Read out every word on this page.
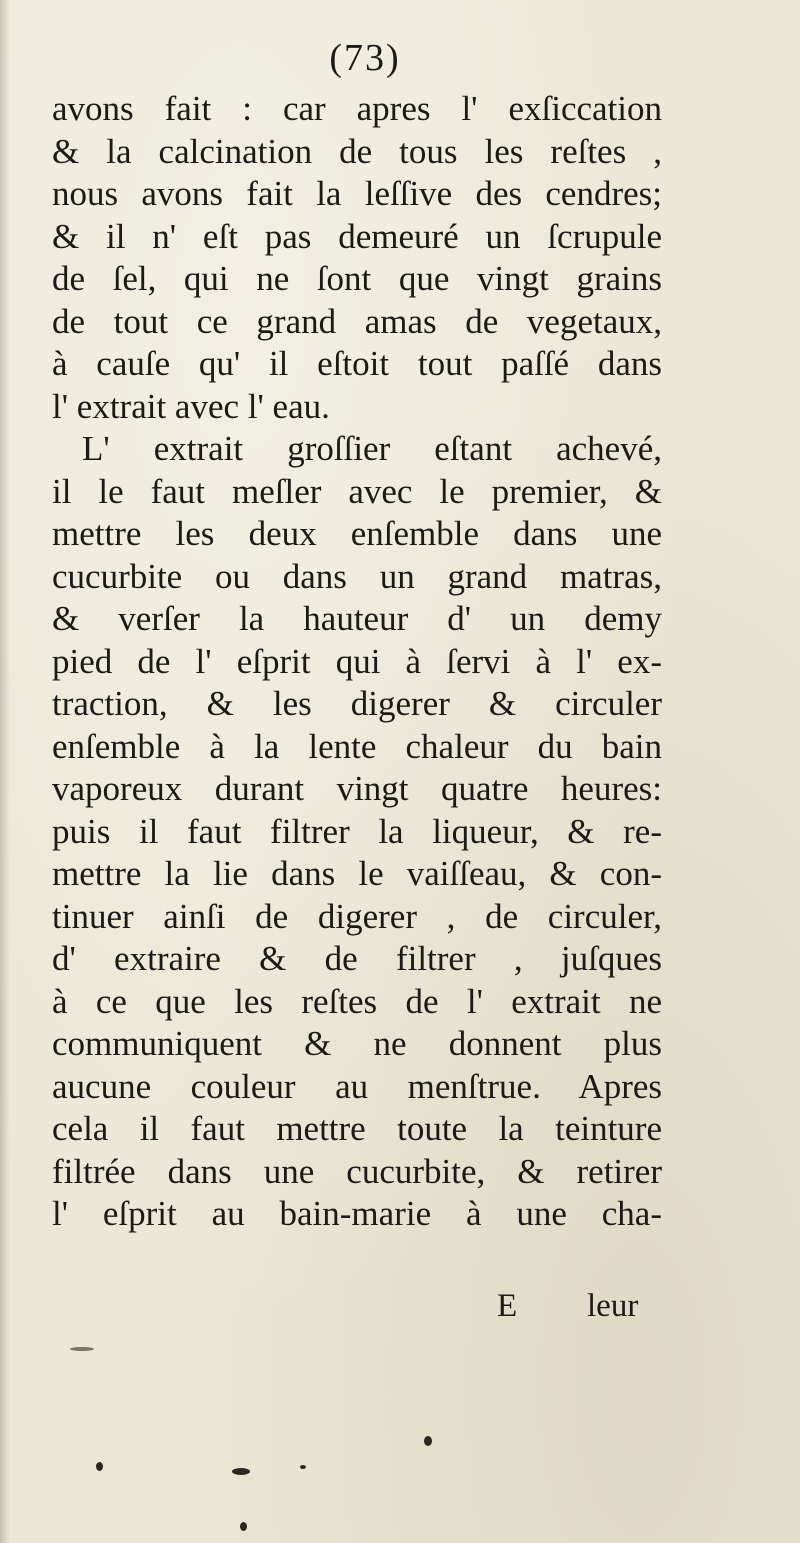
(73)
avons fait : car apres l' exſiccation
& la calcination de tous les reſtes ,
nous avons fait la leſſive des cendres;
& il n' eſt pas demeuré un ſcrupule
de ſel, qui ne ſont que vingt grains
de tout ce grand amas de vegetaux,
à cauſe qu' il eſtoit tout paſſé dans
l' extrait avec l' eau.
L' extrait groſſier eſtant achevé,
il le faut meſler avec le premier, &
mettre les deux enſemble dans une
cucurbite ou dans un grand matras,
& verſer la hauteur d' un demy
pied de l' eſprit qui à ſervi à l' ex-
traction, & les digerer & circuler
enſemble à la lente chaleur du bain
vaporeux durant vingt quatre heures:
puis il faut filtrer la liqueur, & re-
mettre la lie dans le vaiſſeau, & con-
tinuer ainſi de digerer , de circuler,
d' extraire & de filtrer , juſques
à ce que les reſtes de l' extrait ne
communiquent & ne donnent plus
aucune couleur au menſtrue. Apres
cela il faut mettre toute la teinture
filtrée dans une cucurbite, & retirer
l' eſprit au bain-marie à une cha-
E leur
